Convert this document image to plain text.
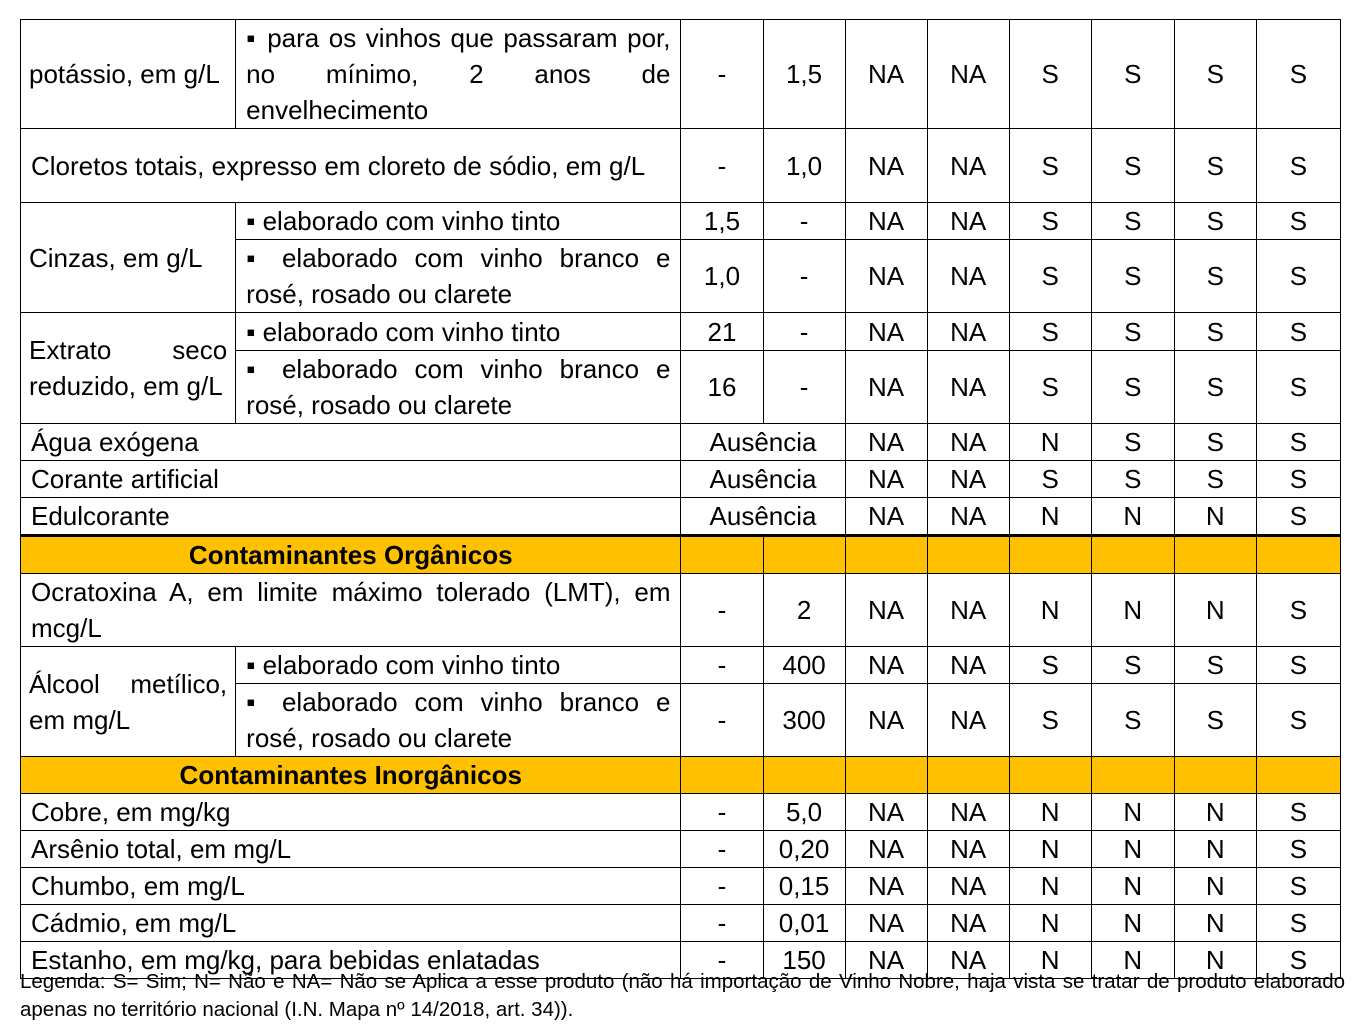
potássio, em g/L	▪ para os vinhos que passaram por, no mínimo, 2 anos de envelhecimento	-	1,5	NA	NA	S	S	S	S
Cloretos totais, expresso em cloreto de sódio, em g/L		-	1,0	NA	NA	S	S	S	S
Cinzas, em g/L	▪ elaborado com vinho tinto	1,5	-	NA	NA	S	S	S	S
	▪ elaborado com vinho branco e rosé, rosado ou clarete	1,0	-	NA	NA	S	S	S	S
Extrato seco reduzido, em g/L	▪ elaborado com vinho tinto	21	-	NA	NA	S	S	S	S
	▪ elaborado com vinho branco e rosé, rosado ou clarete	16	-	NA	NA	S	S	S	S
Água exógena		Ausência		NA	NA	N	S	S	S
Corante artificial		Ausência		NA	NA	S	S	S	S
Edulcorante		Ausência		NA	NA	N	N	N	S
Contaminantes Orgânicos									
Ocratoxina A, em limite máximo tolerado (LMT), em mcg/L		-	2	NA	NA	N	N	N	S
Álcool metílico, em mg/L	▪ elaborado com vinho tinto	-	400	NA	NA	S	S	S	S
	▪ elaborado com vinho branco e rosé, rosado ou clarete	-	300	NA	NA	S	S	S	S
Contaminantes Inorgânicos									
Cobre, em mg/kg		-	5,0	NA	NA	N	N	N	S
Arsênio total, em mg/L		-	0,20	NA	NA	N	N	N	S
Chumbo, em mg/L		-	0,15	NA	NA	N	N	N	S
Cádmio, em mg/L		-	0,01	NA	NA	N	N	N	S
Estanho, em mg/kg, para bebidas enlatadas		-	150	NA	NA	N	N	N	S
Legenda: S= Sim; N= Não e NA= Não se Aplica a esse produto (não há importação de Vinho Nobre, haja vista se tratar de produto elaborado apenas no território nacional (I.N. Mapa nº 14/2018, art. 34)).
